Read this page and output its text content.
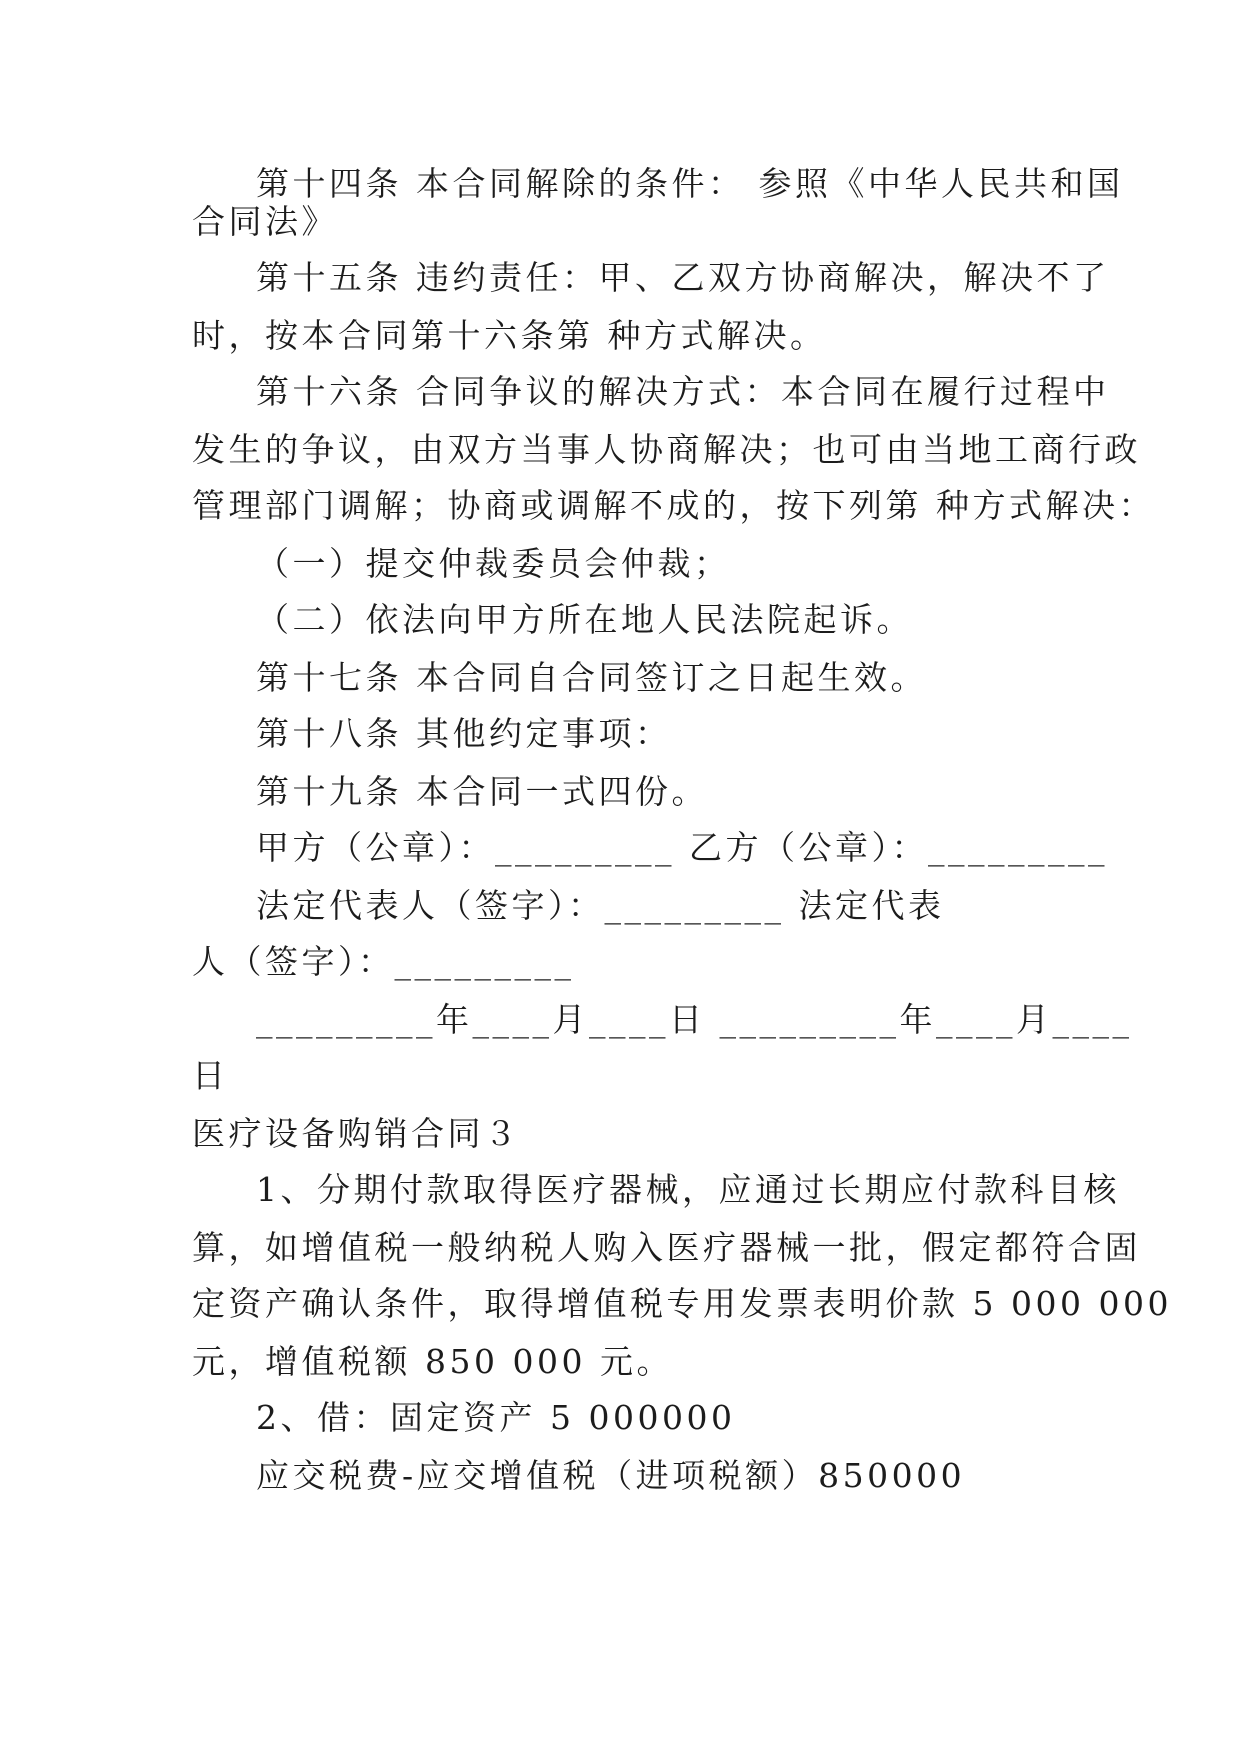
第十四条 本合同解除的条件： 参照《中华人民共和国
合同法》
第十五条 违约责任：甲、乙双方协商解决，解决不了
时，按本合同第十六条第 种方式解决。
第十六条 合同争议的解决方式：本合同在履行过程中
发生的争议，由双方当事人协商解决；也可由当地工商行政
管理部门调解；协商或调解不成的，按下列第 种方式解决：
（一）提交仲裁委员会仲裁；
（二）依法向甲方所在地人民法院起诉。
第十七条 本合同自合同签订之日起生效。
第十八条 其他约定事项：
第十九条 本合同一式四份。
甲方（公章）：_________ 乙方（公章）：_________
法定代表人（签字）：_________ 法定代表
人（签字）：_________
_________年____月____日 _________年____月____
日
医疗设备购销合同３
1、分期付款取得医疗器械，应通过长期应付款科目核
算，如增值税一般纳税人购入医疗器械一批，假定都符合固
定资产确认条件，取得增值税专用发票表明价款 5 000 000
元，增值税额 850 000 元。
2、借：固定资产 5 000000
应交税费-应交增值税（进项税额）850000
